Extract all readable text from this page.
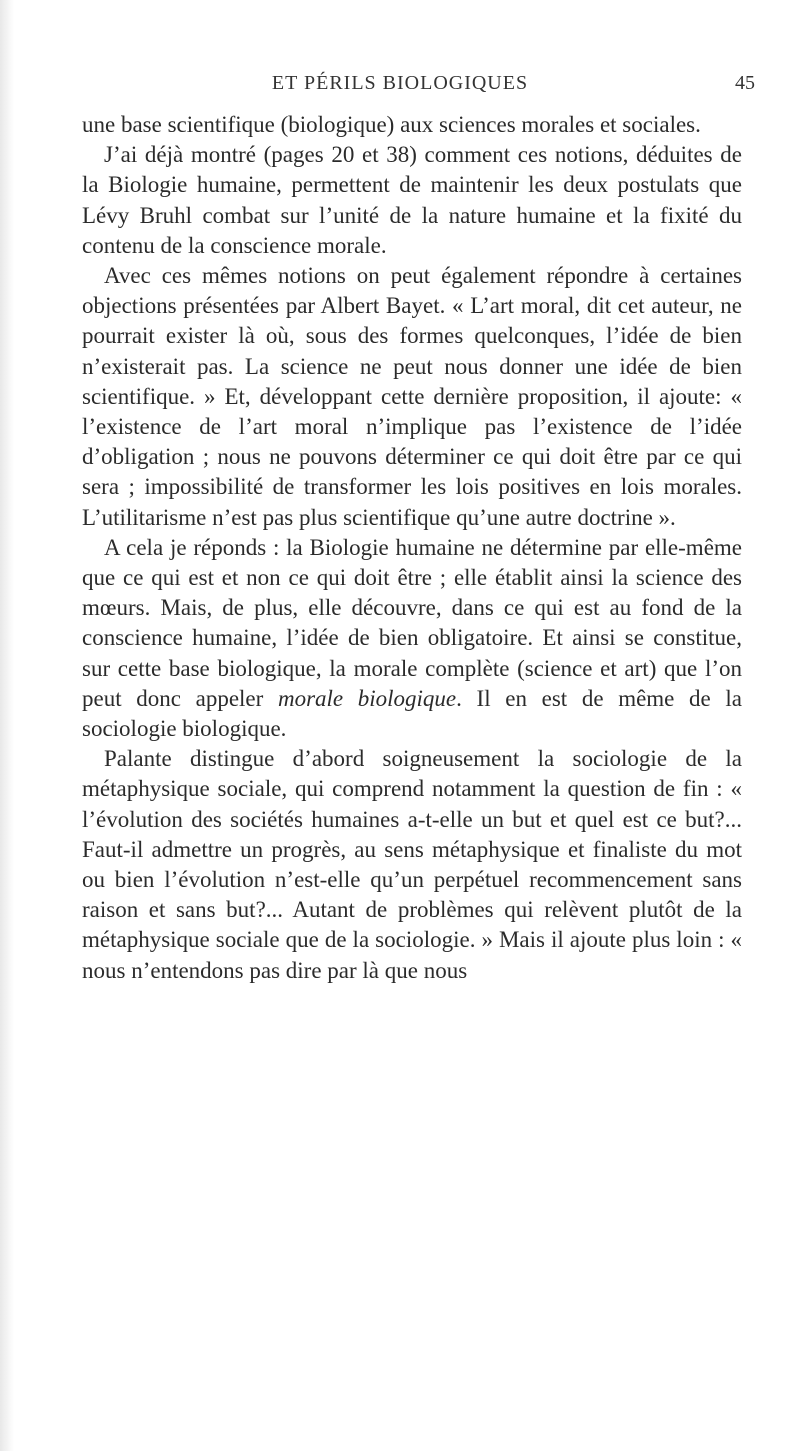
ET PÉRILS BIOLOGIQUES	45

une base scientifique (biologique) aux sciences morales et sociales.

J’ai déjà montré (pages 20 et 38) comment ces notions, déduites de la Biologie humaine, permettent de maintenir les deux postulats que Lévy Bruhl combat sur l’unité de la nature humaine et la fixité du contenu de la conscience morale.

Avec ces mêmes notions on peut également répondre à certaines objections présentées par Albert Bayet. « L’art moral, dit cet auteur, ne pourrait exister là où, sous des formes quelconques, l’idée de bien n’existerait pas. La science ne peut nous donner une idée de bien scientifique. » Et, développant cette dernière proposition, il ajoute: « l’existence de l’art moral n’implique pas l’existence de l’idée d’obligation ; nous ne pouvons déterminer ce qui doit être par ce qui sera ; impossibilité de transformer les lois positives en lois morales. L’utilitarisme n’est pas plus scientifique qu’une autre doctrine ».

A cela je réponds : la Biologie humaine ne détermine par elle-même que ce qui est et non ce qui doit être ; elle établit ainsi la science des mœurs. Mais, de plus, elle découvre, dans ce qui est au fond de la conscience humaine, l’idée de bien obligatoire. Et ainsi se constitue, sur cette base biologique, la morale complète (science et art) que l’on peut donc appeler morale biologique. Il en est de même de la sociologie biologique.

Palante distingue d’abord soigneusement la sociologie de la métaphysique sociale, qui comprend notamment la question de fin : « l’évolution des sociétés humaines a-t-elle un but et quel est ce but?... Faut-il admettre un progrès, au sens métaphysique et finaliste du mot ou bien l’évolution n’est-elle qu’un perpétuel recommencement sans raison et sans but?... Autant de problèmes qui relèvent plutôt de la métaphysique sociale que de la sociologie. » Mais il ajoute plus loin : « nous n’entendons pas dire par là que nous
